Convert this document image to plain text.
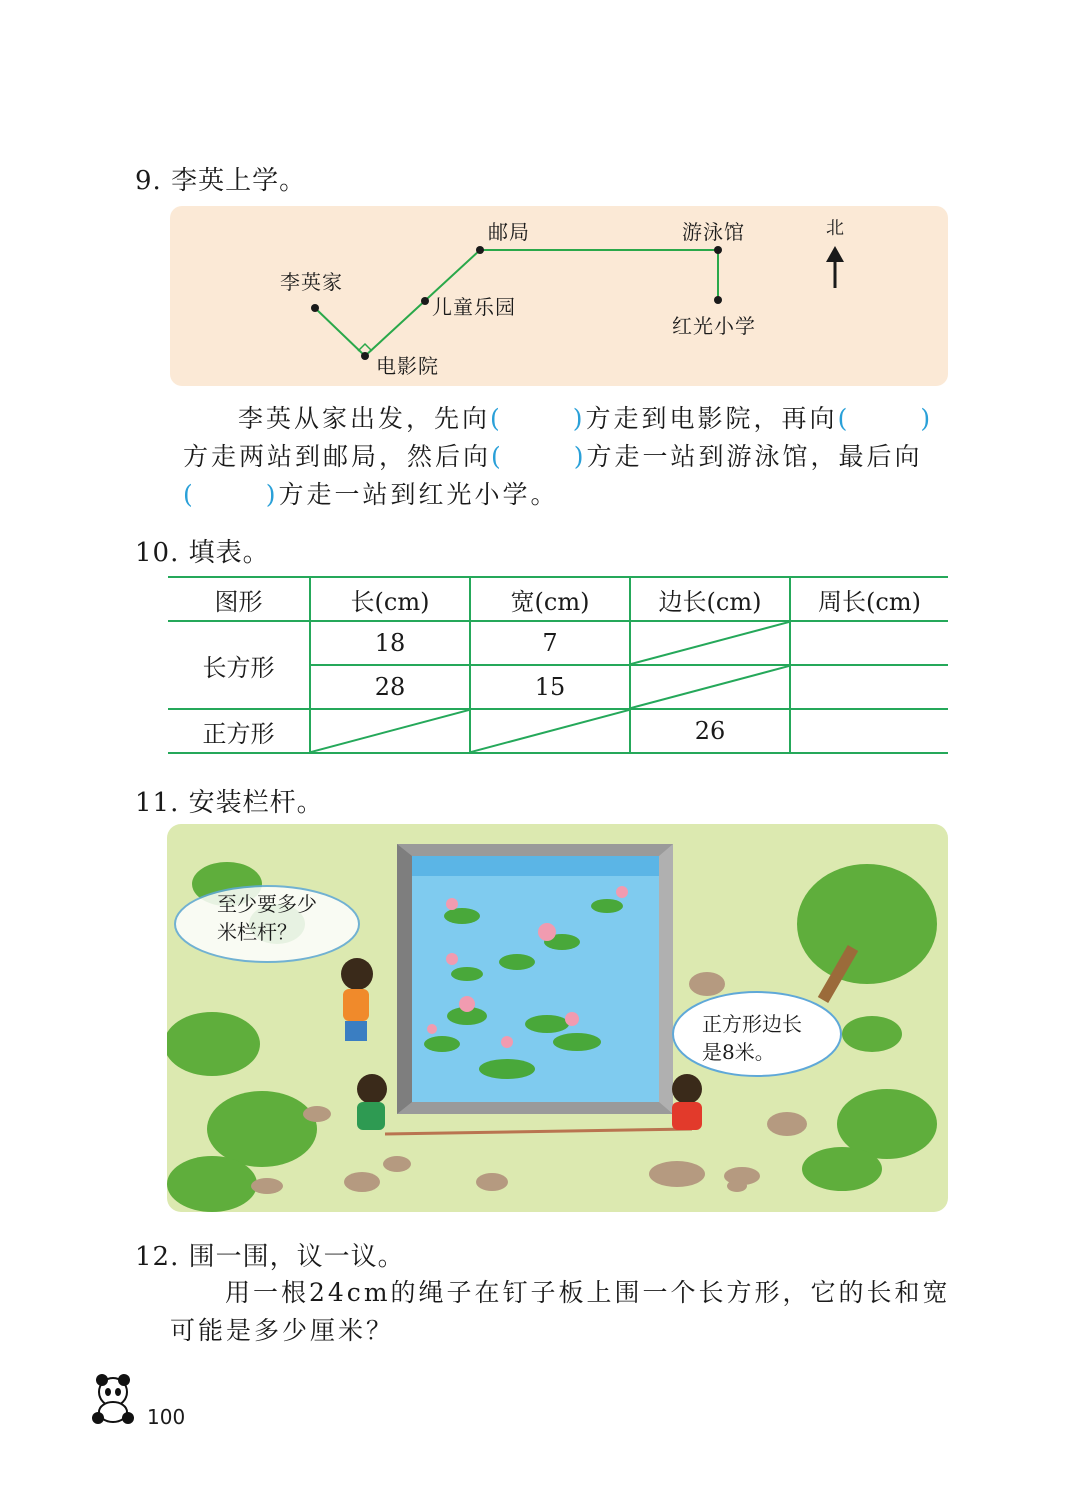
9. 李英上学。
李英家
电影院
儿童乐园
邮局	游泳馆
红光小学
北
李英从家出发，先向(	)方走到电影院，再向(	)
方走两站到邮局，然后向(	)方走一站到游泳馆，最后向
(	)方走一站到红光小学。
10. 填表。
图形	长(cm)	宽(cm)	边长(cm)	周长(cm)
长方形	18	7	

	28	15	

正方形			26	
11. 安装栏杆。
至少要多少
米栏杆？
正方形边长
是8米。
12. 围一围，议一议。
用一根24cm的绳子在钉子板上围一个长方形，它的长和宽
可能是多少厘米？
100
